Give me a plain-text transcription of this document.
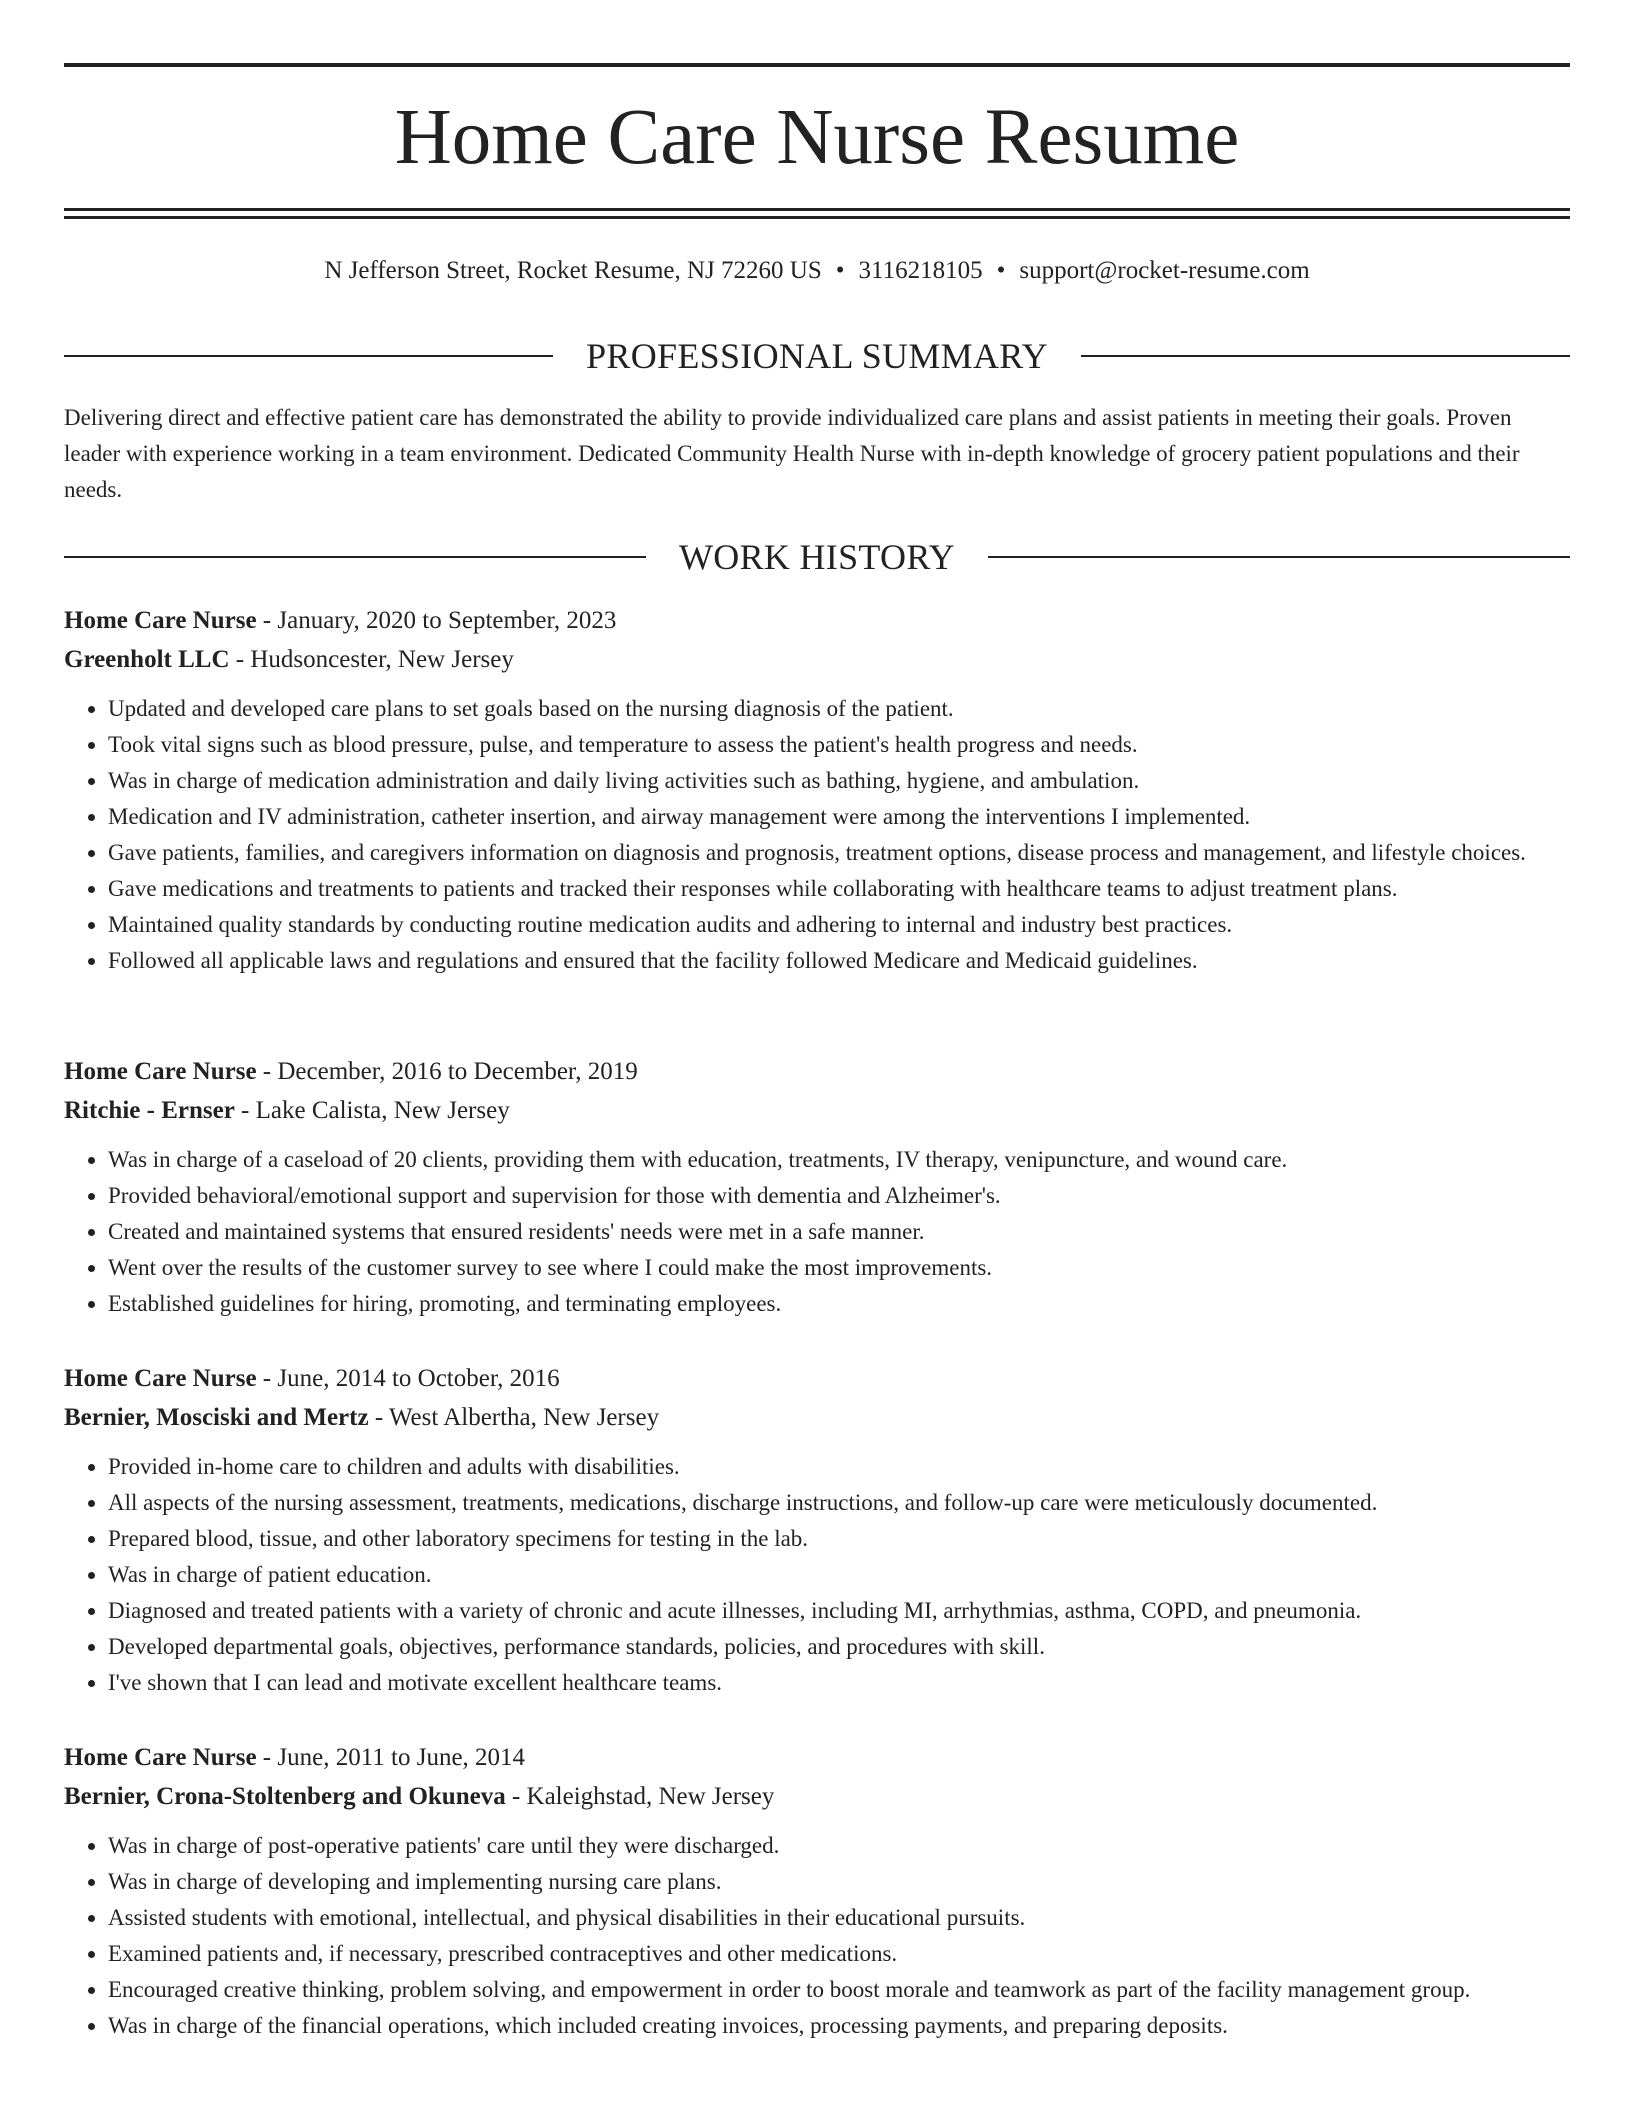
Home Care Nurse Resume
N Jefferson Street, Rocket Resume, NJ 72260 US • 3116218105 • support@rocket-resume.com
PROFESSIONAL SUMMARY

Delivering direct and effective patient care has demonstrated the ability to provide individualized care plans and assist patients in meeting their goals. Proven leader with experience working in a team environment. Dedicated Community Health Nurse with in-depth knowledge of grocery patient populations and their needs.

WORK HISTORY
Home Care Nurse - January, 2020 to September, 2023
Greenholt LLC - Hudsoncester, New Jersey
• Updated and developed care plans to set goals based on the nursing diagnosis of the patient.
• Took vital signs such as blood pressure, pulse, and temperature to assess the patient's health progress and needs.
• Was in charge of medication administration and daily living activities such as bathing, hygiene, and ambulation.
• Medication and IV administration, catheter insertion, and airway management were among the interventions I implemented.
• Gave patients, families, and caregivers information on diagnosis and prognosis, treatment options, disease process and management, and lifestyle choices.
• Gave medications and treatments to patients and tracked their responses while collaborating with healthcare teams to adjust treatment plans.
• Maintained quality standards by conducting routine medication audits and adhering to internal and industry best practices.
• Followed all applicable laws and regulations and ensured that the facility followed Medicare and Medicaid guidelines.
Home Care Nurse - December, 2016 to December, 2019
Ritchie - Ernser - Lake Calista, New Jersey
• Was in charge of a caseload of 20 clients, providing them with education, treatments, IV therapy, venipuncture, and wound care.
• Provided behavioral/emotional support and supervision for those with dementia and Alzheimer's.
• Created and maintained systems that ensured residents' needs were met in a safe manner.
• Went over the results of the customer survey to see where I could make the most improvements.
• Established guidelines for hiring, promoting, and terminating employees.
Home Care Nurse - June, 2014 to October, 2016
Bernier, Mosciski and Mertz - West Albertha, New Jersey
• Provided in-home care to children and adults with disabilities.
• All aspects of the nursing assessment, treatments, medications, discharge instructions, and follow-up care were meticulously documented.
• Prepared blood, tissue, and other laboratory specimens for testing in the lab.
• Was in charge of patient education.
• Diagnosed and treated patients with a variety of chronic and acute illnesses, including MI, arrhythmias, asthma, COPD, and pneumonia.
• Developed departmental goals, objectives, performance standards, policies, and procedures with skill.
• I've shown that I can lead and motivate excellent healthcare teams.
Home Care Nurse - June, 2011 to June, 2014
Bernier, Crona-Stoltenberg and Okuneva - Kaleighstad, New Jersey
• Was in charge of post-operative patients' care until they were discharged.
• Was in charge of developing and implementing nursing care plans.
• Assisted students with emotional, intellectual, and physical disabilities in their educational pursuits.
• Examined patients and, if necessary, prescribed contraceptives and other medications.
• Encouraged creative thinking, problem solving, and empowerment in order to boost morale and teamwork as part of the facility management group.
• Was in charge of the financial operations, which included creating invoices, processing payments, and preparing deposits.
